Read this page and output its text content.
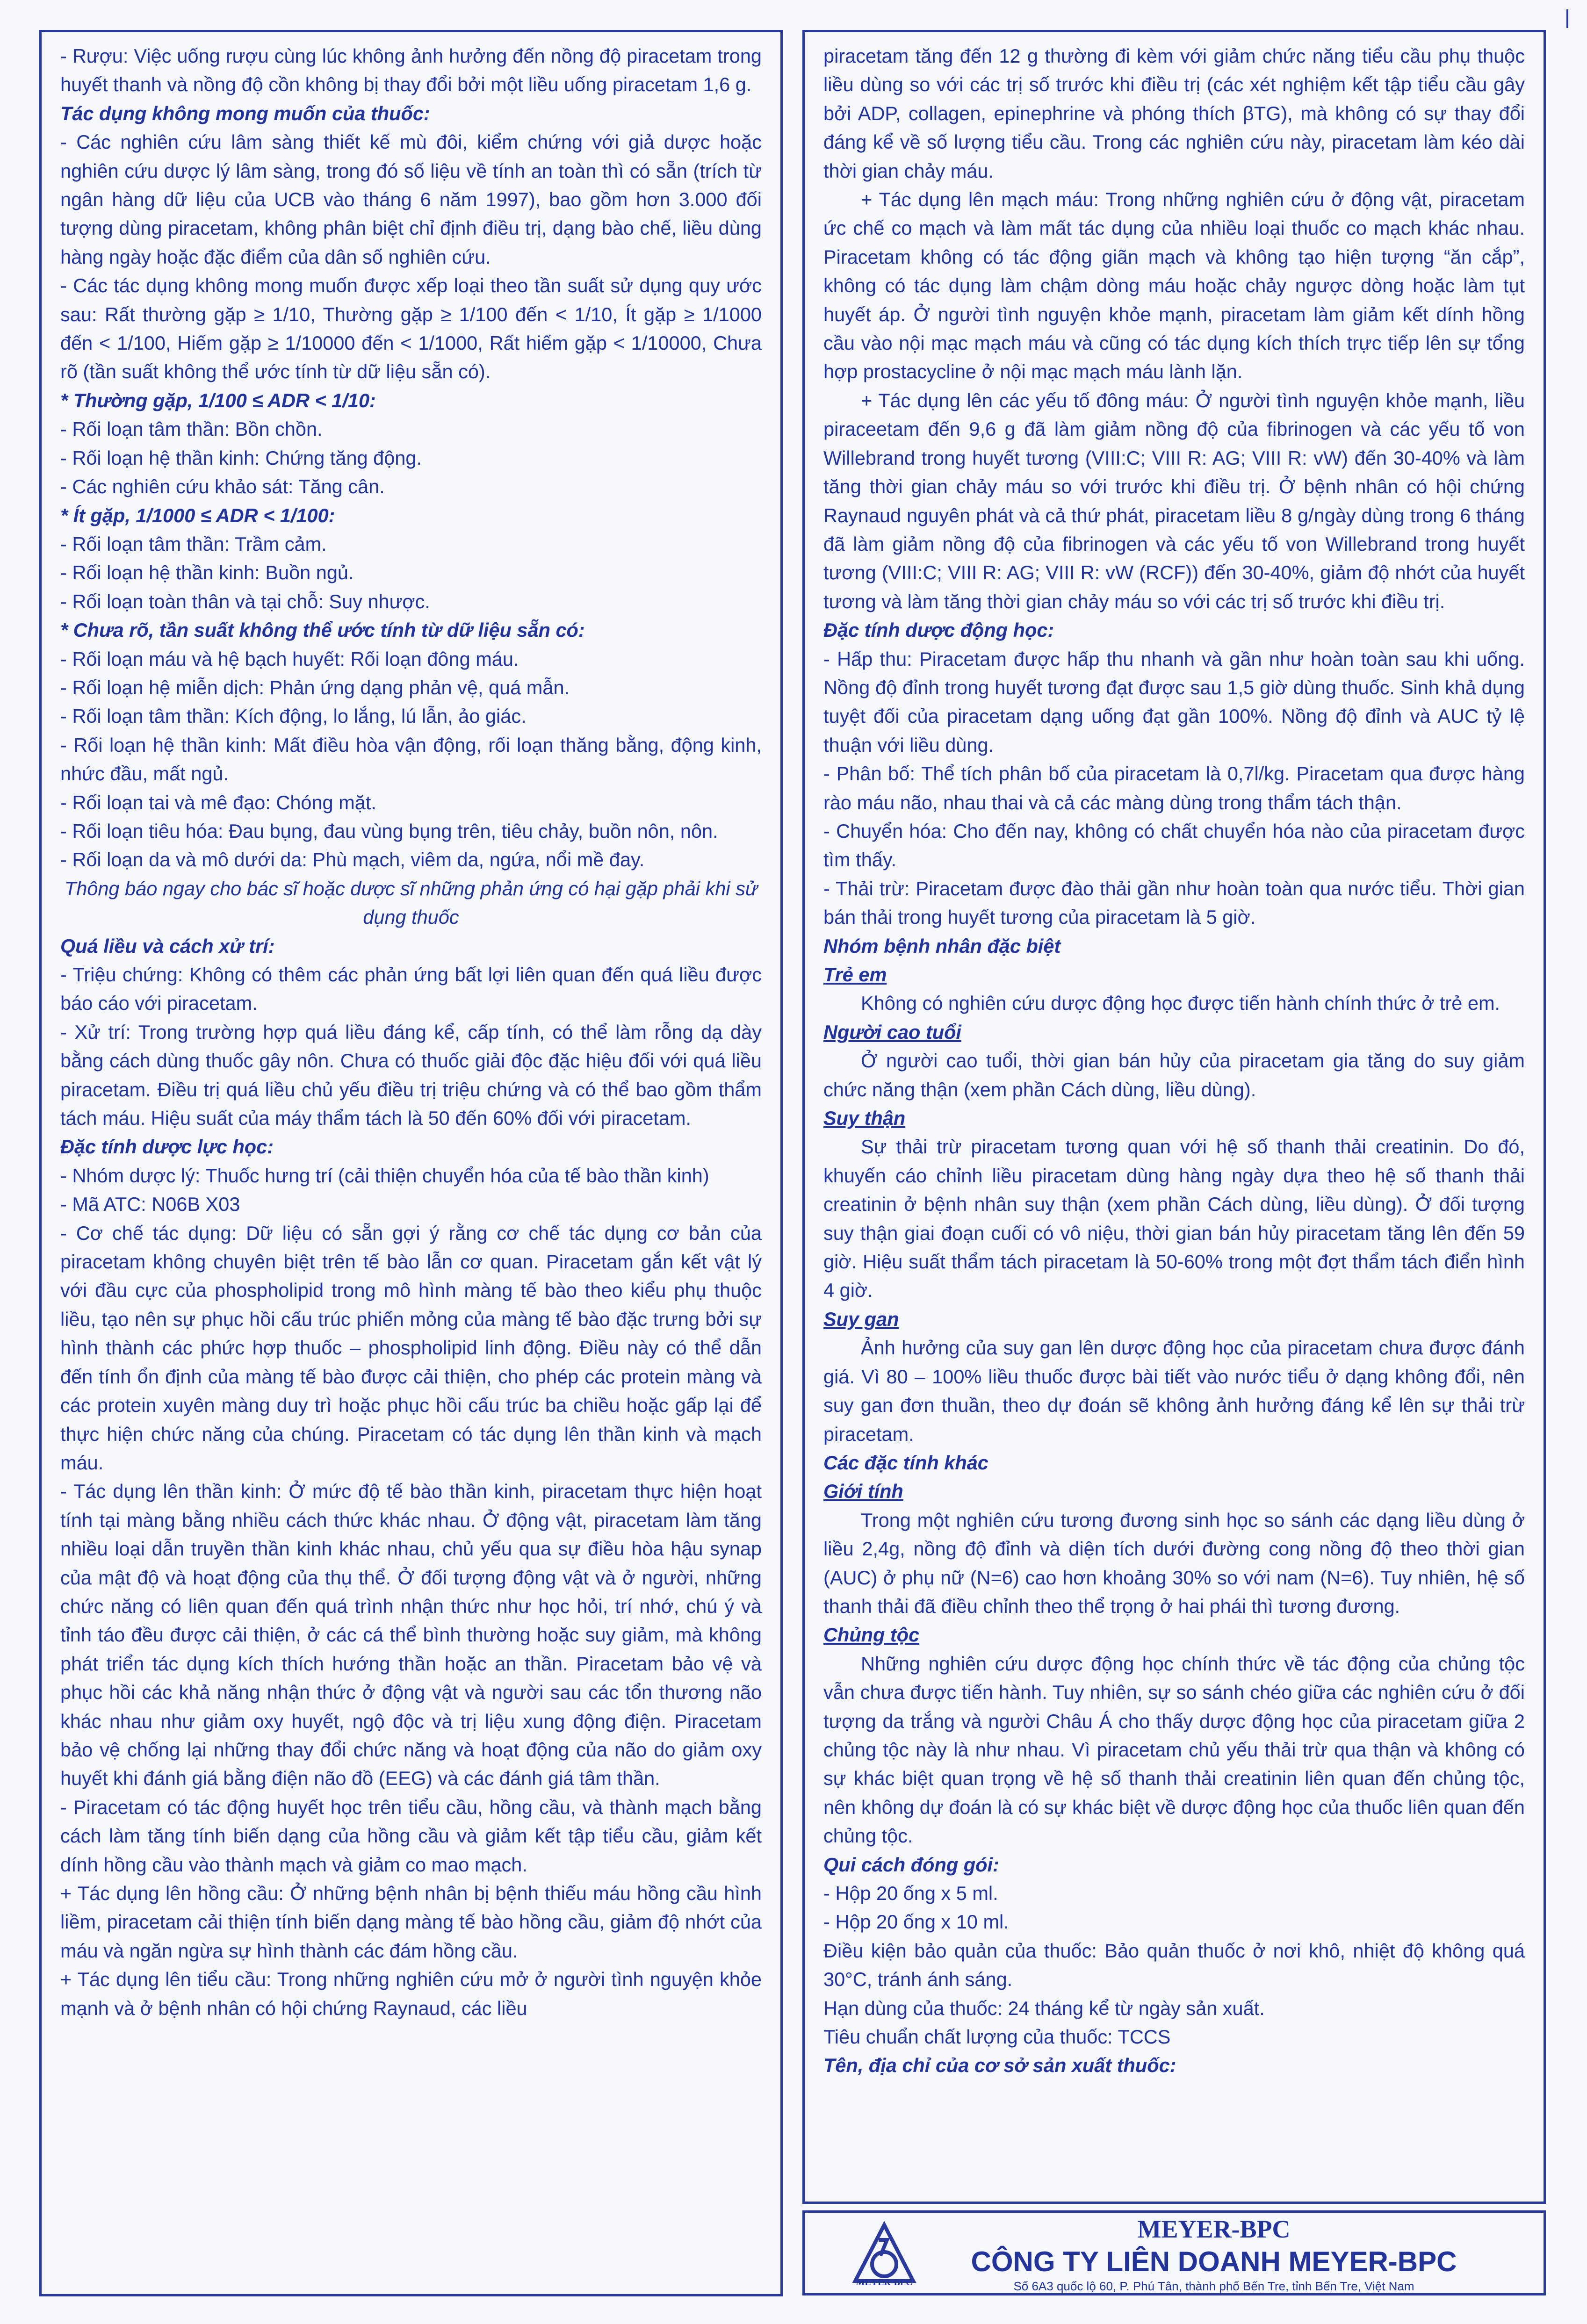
- Rượu: Việc uống rượu cùng lúc không ảnh hưởng đến nồng độ piracetam trong huyết thanh và nồng độ cồn không bị thay đổi bởi một liều uống piracetam 1,6 g.

Tác dụng không mong muốn của thuốc:

- Các nghiên cứu lâm sàng thiết kế mù đôi, kiểm chứng với giả dược hoặc nghiên cứu dược lý lâm sàng, trong đó số liệu về tính an toàn thì có sẵn (trích từ ngân hàng dữ liệu của UCB vào tháng 6 năm 1997), bao gồm hơn 3.000 đối tượng dùng piracetam, không phân biệt chỉ định điều trị, dạng bào chế, liều dùng hàng ngày hoặc đặc điểm của dân số nghiên cứu.

- Các tác dụng không mong muốn được xếp loại theo tần suất sử dụng quy ước sau: Rất thường gặp ≥ 1/10, Thường gặp ≥ 1/100 đến < 1/10, Ít gặp ≥ 1/1000 đến < 1/100, Hiếm gặp ≥ 1/10000 đến < 1/1000, Rất hiếm gặp < 1/10000, Chưa rõ (tần suất không thể ước tính từ dữ liệu sẵn có).

* Thường gặp, 1/100 ≤ ADR < 1/10:

- Rối loạn tâm thần: Bồn chồn.

- Rối loạn hệ thần kinh: Chứng tăng động.

- Các nghiên cứu khảo sát: Tăng cân.

* Ít gặp, 1/1000 ≤ ADR < 1/100:

- Rối loạn tâm thần: Trầm cảm.

- Rối loạn hệ thần kinh: Buồn ngủ.

- Rối loạn toàn thân và tại chỗ: Suy nhược.

* Chưa rõ, tần suất không thể ước tính từ dữ liệu sẵn có:

- Rối loạn máu và hệ bạch huyết: Rối loạn đông máu.

- Rối loạn hệ miễn dịch: Phản ứng dạng phản vệ, quá mẫn.

- Rối loạn tâm thần: Kích động, lo lắng, lú lẫn, ảo giác.

- Rối loạn hệ thần kinh: Mất điều hòa vận động, rối loạn thăng bằng, động kinh, nhức đầu, mất ngủ.

- Rối loạn tai và mê đạo: Chóng mặt.

- Rối loạn tiêu hóa: Đau bụng, đau vùng bụng trên, tiêu chảy, buồn nôn, nôn.

- Rối loạn da và mô dưới da: Phù mạch, viêm da, ngứa, nổi mề đay.

Thông báo ngay cho bác sĩ hoặc dược sĩ những phản ứng có hại gặp phải khi sử dụng thuốc

Quá liều và cách xử trí:

- Triệu chứng: Không có thêm các phản ứng bất lợi liên quan đến quá liều được báo cáo với piracetam.

- Xử trí: Trong trường hợp quá liều đáng kể, cấp tính, có thể làm rỗng dạ dày bằng cách dùng thuốc gây nôn. Chưa có thuốc giải độc đặc hiệu đối với quá liều piracetam. Điều trị quá liều chủ yếu điều trị triệu chứng và có thể bao gồm thẩm tách máu. Hiệu suất của máy thẩm tách là 50 đến 60% đối với piracetam.

Đặc tính dược lực học:

- Nhóm dược lý: Thuốc hưng trí (cải thiện chuyển hóa của tế bào thần kinh)

- Mã ATC: N06B X03

- Cơ chế tác dụng: Dữ liệu có sẵn gợi ý rằng cơ chế tác dụng cơ bản của piracetam không chuyên biệt trên tế bào lẫn cơ quan. Piracetam gắn kết vật lý với đầu cực của phospholipid trong mô hình màng tế bào theo kiểu phụ thuộc liều, tạo nên sự phục hồi cấu trúc phiến mỏng của màng tế bào đặc trưng bởi sự hình thành các phức hợp thuốc – phospholipid linh động. Điều này có thể dẫn đến tính ổn định của màng tế bào được cải thiện, cho phép các protein màng và các protein xuyên màng duy trì hoặc phục hồi cấu trúc ba chiều hoặc gấp lại để thực hiện chức năng của chúng. Piracetam có tác dụng lên thần kinh và mạch máu.

- Tác dụng lên thần kinh: Ở mức độ tế bào thần kinh, piracetam thực hiện hoạt tính tại màng bằng nhiều cách thức khác nhau. Ở động vật, piracetam làm tăng nhiều loại dẫn truyền thần kinh khác nhau, chủ yếu qua sự điều hòa hậu synap của mật độ và hoạt động của thụ thể. Ở đối tượng động vật và ở người, những chức năng có liên quan đến quá trình nhận thức như học hỏi, trí nhớ, chú ý và tỉnh táo đều được cải thiện, ở các cá thể bình thường hoặc suy giảm, mà không phát triển tác dụng kích thích hướng thần hoặc an thần. Piracetam bảo vệ và phục hồi các khả năng nhận thức ở động vật và người sau các tổn thương não khác nhau như giảm oxy huyết, ngộ độc và trị liệu xung động điện. Piracetam bảo vệ chống lại những thay đổi chức năng và hoạt động của não do giảm oxy huyết khi đánh giá bằng điện não đồ (EEG) và các đánh giá tâm thần.

- Piracetam có tác động huyết học trên tiểu cầu, hồng cầu, và thành mạch bằng cách làm tăng tính biến dạng của hồng cầu và giảm kết tập tiểu cầu, giảm kết dính hồng cầu vào thành mạch và giảm co mao mạch.

+ Tác dụng lên hồng cầu: Ở những bệnh nhân bị bệnh thiếu máu hồng cầu hình liềm, piracetam cải thiện tính biến dạng màng tế bào hồng cầu, giảm độ nhớt của máu và ngăn ngừa sự hình thành các đám hồng cầu.

+ Tác dụng lên tiểu cầu: Trong những nghiên cứu mở ở người tình nguyện khỏe mạnh và ở bệnh nhân có hội chứng Raynaud, các liều

piracetam tăng đến 12 g thường đi kèm với giảm chức năng tiểu cầu phụ thuộc liều dùng so với các trị số trước khi điều trị (các xét nghiệm kết tập tiểu cầu gây bởi ADP, collagen, epinephrine và phóng thích βTG), mà không có sự thay đổi đáng kể về số lượng tiểu cầu. Trong các nghiên cứu này, piracetam làm kéo dài thời gian chảy máu.

+ Tác dụng lên mạch máu: Trong những nghiên cứu ở động vật, piracetam ức chế co mạch và làm mất tác dụng của nhiều loại thuốc co mạch khác nhau. Piracetam không có tác động giãn mạch và không tạo hiện tượng “ăn cắp”, không có tác dụng làm chậm dòng máu hoặc chảy ngược dòng hoặc làm tụt huyết áp. Ở người tình nguyện khỏe mạnh, piracetam làm giảm kết dính hồng cầu vào nội mạc mạch máu và cũng có tác dụng kích thích trực tiếp lên sự tổng hợp prostacycline ở nội mạc mạch máu lành lặn.

+ Tác dụng lên các yếu tố đông máu: Ở người tình nguyện khỏe mạnh, liều piraceetam đến 9,6 g đã làm giảm nồng độ của fibrinogen và các yếu tố von Willebrand trong huyết tương (VIII:C; VIII R: AG; VIII R: vW) đến 30-40% và làm tăng thời gian chảy máu so với trước khi điều trị. Ở bệnh nhân có hội chứng Raynaud nguyên phát và cả thứ phát, piracetam liều 8 g/ngày dùng trong 6 tháng đã làm giảm nồng độ của fibrinogen và các yếu tố von Willebrand trong huyết tương (VIII:C; VIII R: AG; VIII R: vW (RCF)) đến 30-40%, giảm độ nhớt của huyết tương và làm tăng thời gian chảy máu so với các trị số trước khi điều trị.

Đặc tính dược động học:

- Hấp thu: Piracetam được hấp thu nhanh và gần như hoàn toàn sau khi uống. Nồng độ đỉnh trong huyết tương đạt được sau 1,5 giờ dùng thuốc. Sinh khả dụng tuyệt đối của piracetam dạng uống đạt gần 100%. Nồng độ đỉnh và AUC tỷ lệ thuận với liều dùng.

- Phân bố: Thể tích phân bố của piracetam là 0,7l/kg. Piracetam qua được hàng rào máu não, nhau thai và cả các màng dùng trong thẩm tách thận.

- Chuyển hóa: Cho đến nay, không có chất chuyển hóa nào của piracetam được tìm thấy.

- Thải trừ: Piracetam được đào thải gần như hoàn toàn qua nước tiểu. Thời gian bán thải trong huyết tương của piracetam là 5 giờ.

Nhóm bệnh nhân đặc biệt

Trẻ em

Không có nghiên cứu dược động học được tiến hành chính thức ở trẻ em.

Người cao tuổi

Ở người cao tuổi, thời gian bán hủy của piracetam gia tăng do suy giảm chức năng thận (xem phần Cách dùng, liều dùng).

Suy thận

Sự thải trừ piracetam tương quan với hệ số thanh thải creatinin. Do đó, khuyến cáo chỉnh liều piracetam dùng hàng ngày dựa theo hệ số thanh thải creatinin ở bệnh nhân suy thận (xem phần Cách dùng, liều dùng). Ở đối tượng suy thận giai đoạn cuối có vô niệu, thời gian bán hủy piracetam tăng lên đến 59 giờ. Hiệu suất thẩm tách piracetam là 50-60% trong một đợt thẩm tách điển hình 4 giờ.

Suy gan

Ảnh hưởng của suy gan lên dược động học của piracetam chưa được đánh giá. Vì 80 – 100% liều thuốc được bài tiết vào nước tiểu ở dạng không đổi, nên suy gan đơn thuần, theo dự đoán sẽ không ảnh hưởng đáng kể lên sự thải trừ piracetam.

Các đặc tính khác

Giới tính

Trong một nghiên cứu tương đương sinh học so sánh các dạng liều dùng ở liều 2,4g, nồng độ đỉnh và diện tích dưới đường cong nồng độ theo thời gian (AUC) ở phụ nữ (N=6) cao hơn khoảng 30% so với nam (N=6). Tuy nhiên, hệ số thanh thải đã điều chỉnh theo thể trọng ở hai phái thì tương đương.

Chủng tộc

Những nghiên cứu dược động học chính thức về tác động của chủng tộc vẫn chưa được tiến hành. Tuy nhiên, sự so sánh chéo giữa các nghiên cứu ở đối tượng da trắng và người Châu Á cho thấy dược động học của piracetam giữa 2 chủng tộc này là như nhau. Vì piracetam chủ yếu thải trừ qua thận và không có sự khác biệt quan trọng về hệ số thanh thải creatinin liên quan đến chủng tộc, nên không dự đoán là có sự khác biệt về dược động học của thuốc liên quan đến chủng tộc.

Qui cách đóng gói:

- Hộp 20 ống x 5 ml.

- Hộp 20 ống x 10 ml.

Điều kiện bảo quản của thuốc: Bảo quản thuốc ở nơi khô, nhiệt độ không quá 30°C, tránh ánh sáng.

Hạn dùng của thuốc: 24 tháng kể từ ngày sản xuất.

Tiêu chuẩn chất lượng của thuốc: TCCS

Tên, địa chỉ của cơ sở sản xuất thuốc:

MEYER-BPC
MEYER-BPC
CÔNG TY LIÊN DOANH MEYER-BPC
Số 6A3 quốc lộ 60, P. Phú Tân, thành phố Bến Tre, tỉnh Bến Tre, Việt Nam
